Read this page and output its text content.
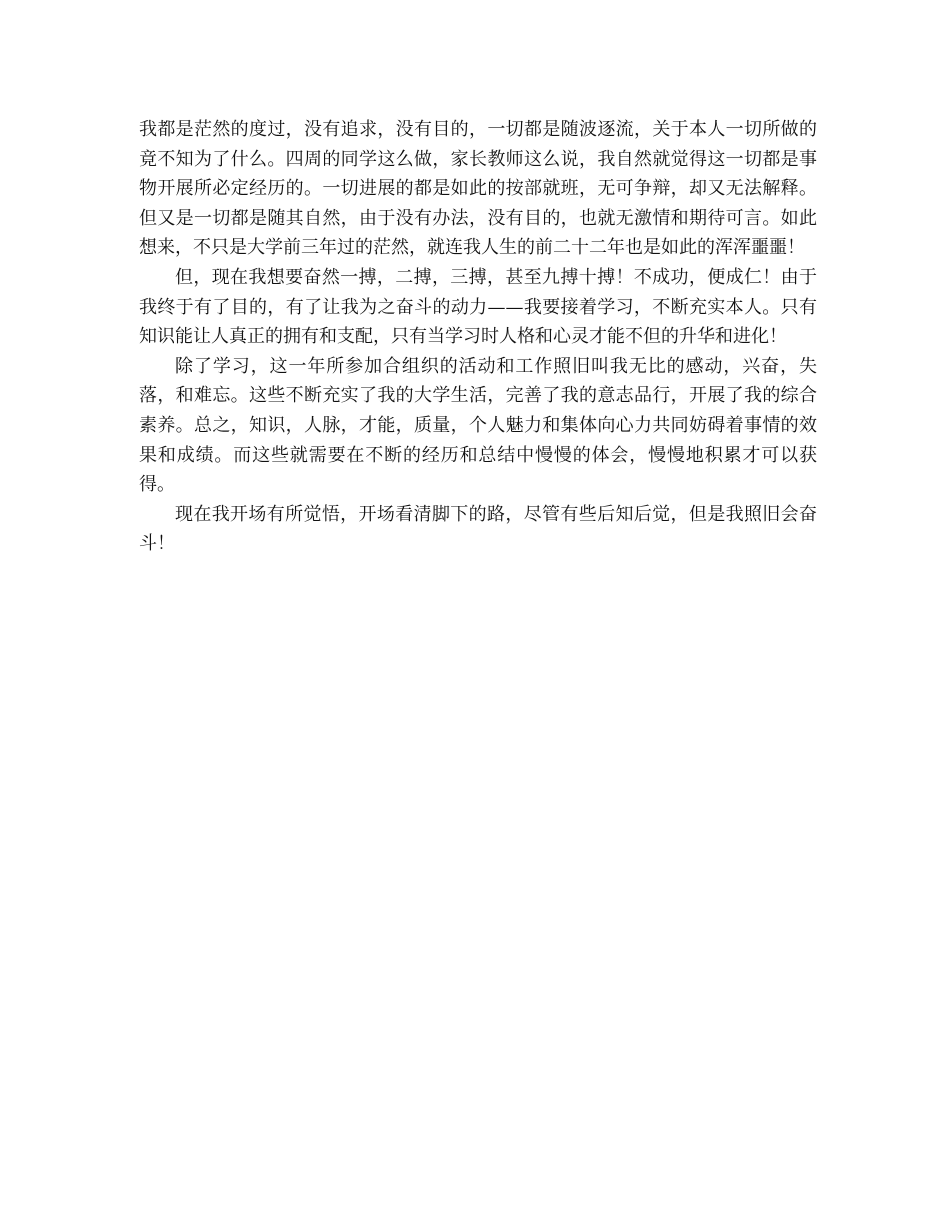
我都是茫然的度过，没有追求，没有目的，一切都是随波逐流，关于本人一切所做的竟不知为了什么。四周的同学这么做，家长教师这么说，我自然就觉得这一切都是事物开展所必定经历的。一切进展的都是如此的按部就班，无可争辩，却又无法解释。但又是一切都是随其自然，由于没有办法，没有目的，也就无激情和期待可言。如此想来，不只是大学前三年过的茫然，就连我人生的前二十二年也是如此的浑浑噩噩！

但，现在我想要奋然一搏，二搏，三搏，甚至九搏十搏！不成功，便成仁！由于我终于有了目的，有了让我为之奋斗的动力——我要接着学习，不断充实本人。只有知识能让人真正的拥有和支配，只有当学习时人格和心灵才能不但的升华和进化！

除了学习，这一年所参加合组织的活动和工作照旧叫我无比的感动，兴奋，失落，和难忘。这些不断充实了我的大学生活，完善了我的意志品行，开展了我的综合素养。总之，知识，人脉，才能，质量，个人魅力和集体向心力共同妨碍着事情的效果和成绩。而这些就需要在不断的经历和总结中慢慢的体会，慢慢地积累才可以获得。

现在我开场有所觉悟，开场看清脚下的路，尽管有些后知后觉，但是我照旧会奋斗！
